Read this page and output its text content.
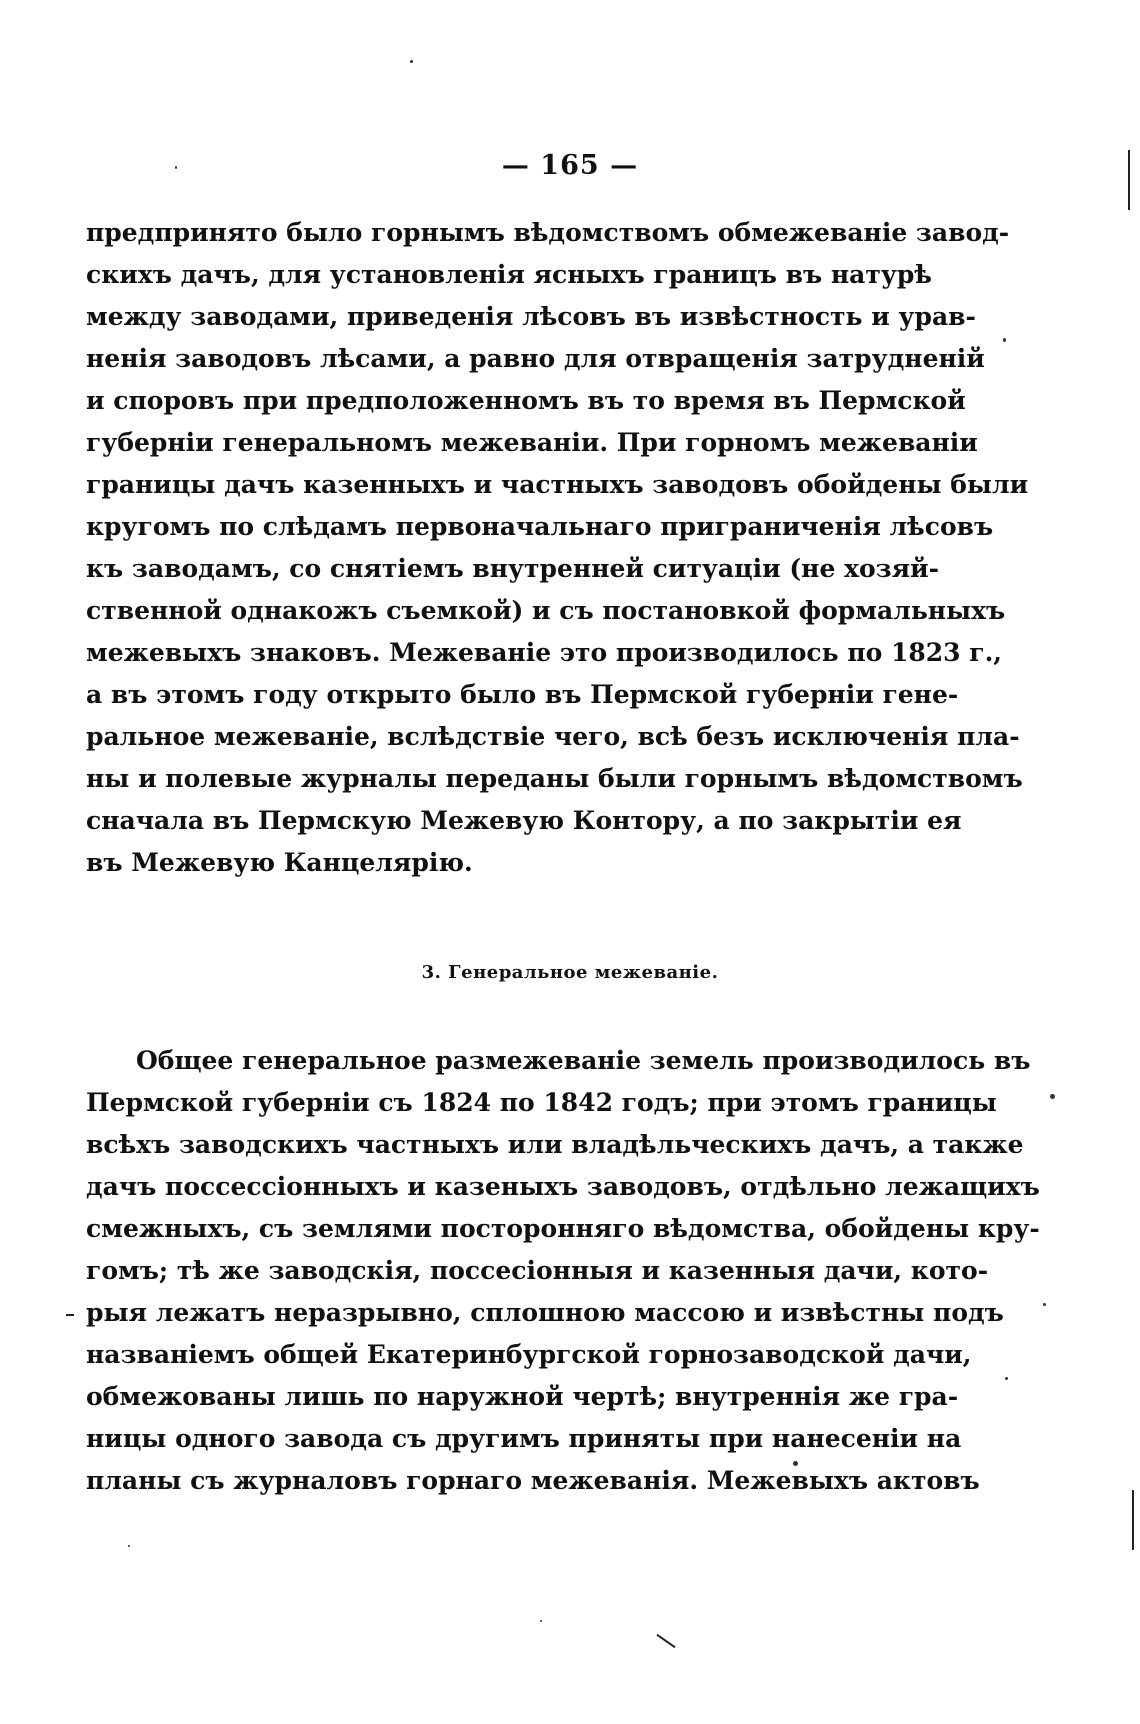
— 165 —
предпринято было горнымъ вѣдомствомъ обмежеваніе завод-
скихъ дачъ, для установленія ясныхъ границъ въ натурѣ
между заводами, приведенія лѣсовъ въ извѣстность и урав-
ненія заводовъ лѣсами, а равно для отвращенія затрудненій
и споровъ при предположенномъ въ то время въ Пермской
губерніи генеральномъ межеваніи. При горномъ межеваніи
границы дачъ казенныхъ и частныхъ заводовъ обойдены были
кругомъ по слѣдамъ первоначальнаго приграниченія лѣсовъ
къ заводамъ, со снятіемъ внутренней ситуаціи (не хозяй-
ственной однакожъ съемкой) и съ постановкой формальныхъ
межевыхъ знаковъ. Межеваніе это производилось по 1823 г.,
а въ этомъ году открыто было въ Пермской губерніи гене-
ральное межеваніе, вслѣдствіе чего, всѣ безъ исключенія пла-
ны и полевые журналы переданы были горнымъ вѣдомствомъ
сначала въ Пермскую Межевую Контору, а по закрытіи ея
въ Межевую Канцелярію.
3. Генеральное межеваніе.
Общее генеральное размежеваніе земель производилось въ
Пермской губерніи съ 1824 по 1842 годъ; при этомъ границы
всѣхъ заводскихъ частныхъ или владѣльческихъ дачъ, а также
дачъ поссессіонныхъ и казеныхъ заводовъ, отдѣльно лежащихъ
смежныхъ, съ землями посторонняго вѣдомства, обойдены кру-
гомъ; тѣ же заводскія, поссесіонныя и казенныя дачи, кото-
рыя лежатъ неразрывно, сплошною массою и извѣстны подъ
названіемъ общей Екатеринбургской горнозаводской дачи,
обмежованы лишь по наружной чертѣ; внутреннія же гра-
ницы одного завода съ другимъ приняты при нанесеніи на
планы съ журналовъ горнаго межеванія. Межевыхъ актовъ
